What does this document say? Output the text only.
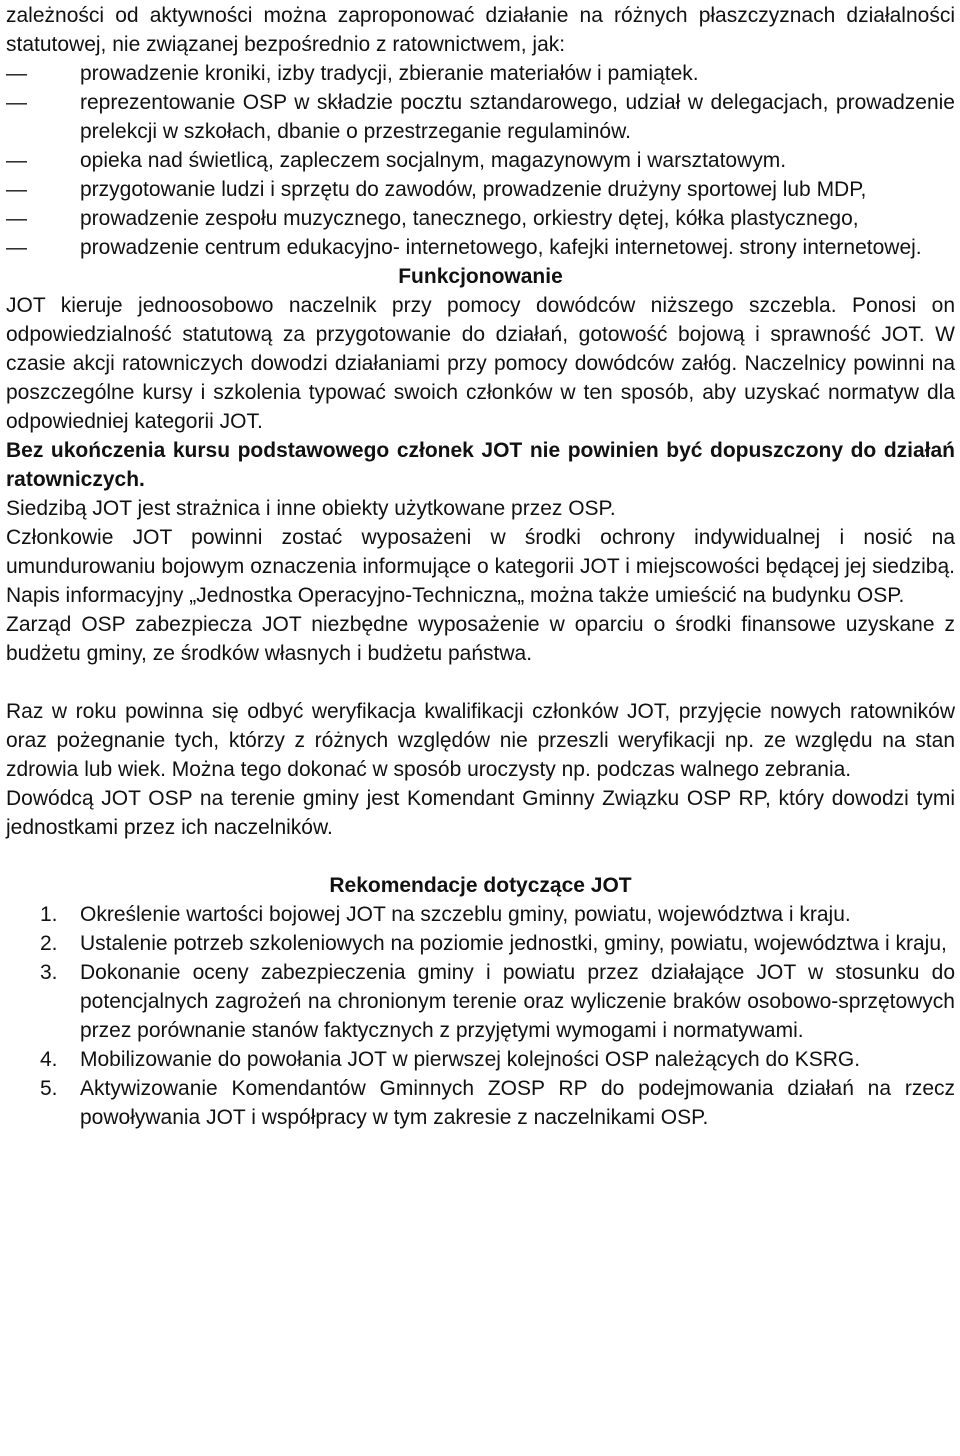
zależności od aktywności można zaproponować działanie na różnych płaszczyznach działalności statutowej, nie związanej bezpośrednio z ratownictwem, jak:

—	prowadzenie kroniki, izby tradycji, zbieranie materiałów i pamiątek.
—	reprezentowanie OSP w składzie pocztu sztandarowego, udział w delegacjach, prowadzenie prelekcji w szkołach, dbanie o przestrzeganie regulaminów.
—	opieka nad świetlicą, zapleczem socjalnym, magazynowym i warsztatowym.
—	przygotowanie ludzi i sprzętu do zawodów, prowadzenie drużyny sportowej lub MDP,
—	prowadzenie zespołu muzycznego, tanecznego, orkiestry dętej, kółka plastycznego,
—	prowadzenie centrum edukacyjno- internetowego, kafejki internetowej. strony internetowej.

Funkcjonowanie

JOT kieruje jednoosobowo naczelnik przy pomocy dowódców niższego szczebla. Ponosi on odpowiedzialność statutową za przygotowanie do działań, gotowość bojową i sprawność JOT. W czasie akcji ratowniczych dowodzi działaniami przy pomocy dowódców załóg. Naczelnicy powinni na poszczególne kursy i szkolenia typować swoich członków w ten sposób, aby uzyskać normatyw dla odpowiedniej kategorii JOT.

Bez ukończenia kursu podstawowego członek JOT nie powinien być dopuszczony do działań ratowniczych.

Siedzibą JOT jest strażnica i inne obiekty użytkowane przez OSP.

Członkowie JOT powinni zostać wyposażeni w środki ochrony indywidualnej i nosić na umundurowaniu bojowym oznaczenia informujące o kategorii JOT i miejscowości będącej jej siedzibą. Napis informacyjny „Jednostka Operacyjno-Techniczna„ można także umieścić na budynku OSP.

Zarząd OSP zabezpiecza JOT niezbędne wyposażenie w oparciu o środki finansowe uzyskane z budżetu gminy, ze środków własnych i budżetu państwa.

Raz w roku powinna się odbyć weryfikacja kwalifikacji członków JOT, przyjęcie nowych ratowników oraz pożegnanie tych, którzy z różnych względów nie przeszli weryfikacji np. ze względu na stan zdrowia lub wiek. Można tego dokonać w sposób uroczysty np. podczas walnego zebrania.

Dowódcą JOT OSP na terenie gminy jest Komendant Gminny Związku OSP RP, który dowodzi tymi jednostkami przez ich naczelników.

Rekomendacje dotyczące JOT

1. Określenie wartości bojowej JOT na szczeblu gminy, powiatu, województwa i kraju.
2. Ustalenie potrzeb szkoleniowych na poziomie jednostki, gminy, powiatu, województwa i kraju,
3. Dokonanie oceny zabezpieczenia gminy i powiatu przez działające JOT w stosunku do potencjalnych zagrożeń na chronionym terenie oraz wyliczenie braków osobowo-sprzętowych przez porównanie stanów faktycznych z przyjętymi wymogami i normatywami.
4. Mobilizowanie do powołania JOT w pierwszej kolejności OSP należących do KSRG.
5. Aktywizowanie Komendantów Gminnych ZOSP RP do podejmowania działań na rzecz powoływania JOT i współpracy w tym zakresie z naczelnikami OSP.
